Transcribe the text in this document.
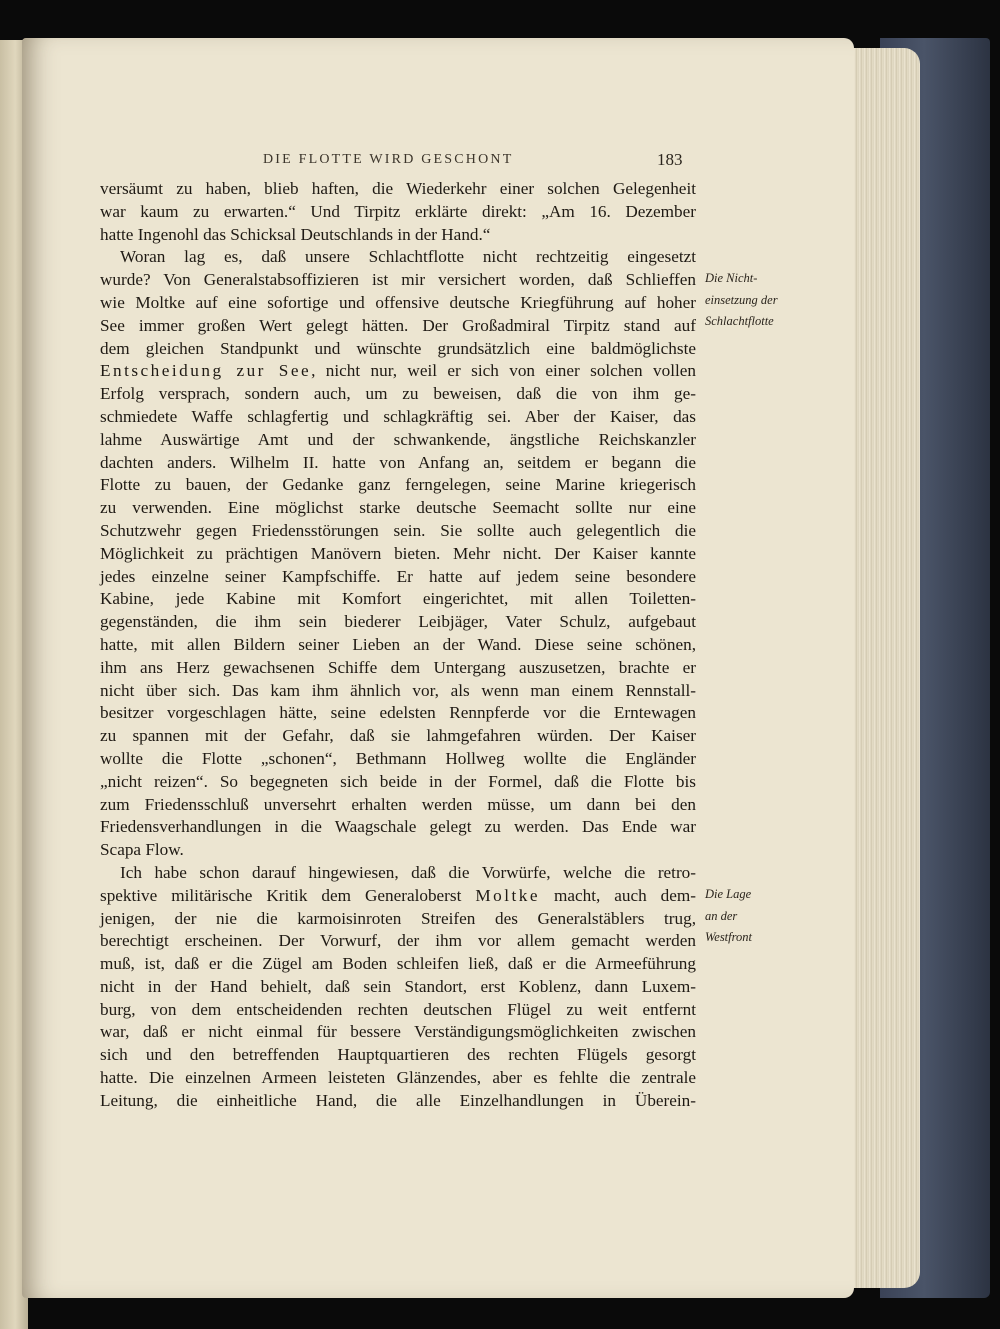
DIE FLOTTE WIRD GESCHONT	183
versäumt zu haben, blieb haften, die Wiederkehr einer solchen Gelegenheit
war kaum zu erwarten.“ Und Tirpitz erklärte direkt: „Am 16. Dezember
hatte Ingenohl das Schicksal Deutschlands in der Hand.“
Woran lag es, daß unsere Schlachtflotte nicht rechtzeitig eingesetzt
wurde? Von Generalstabsoffizieren ist mir versichert worden, daß Schlieffen
wie Moltke auf eine sofortige und offensive deutsche Kriegführung auf hoher
See immer großen Wert gelegt hätten. Der Großadmiral Tirpitz stand auf
dem gleichen Standpunkt und wünschte grundsätzlich eine baldmöglichste
Entscheidung zur See, nicht nur, weil er sich von einer solchen vollen
Erfolg versprach, sondern auch, um zu beweisen, daß die von ihm ge-
schmiedete Waffe schlagfertig und schlagkräftig sei. Aber der Kaiser, das
lahme Auswärtige Amt und der schwankende, ängstliche Reichskanzler
dachten anders. Wilhelm II. hatte von Anfang an, seitdem er begann die
Flotte zu bauen, der Gedanke ganz ferngelegen, seine Marine kriegerisch
zu verwenden. Eine möglichst starke deutsche Seemacht sollte nur eine
Schutzwehr gegen Friedensstörungen sein. Sie sollte auch gelegentlich die
Möglichkeit zu prächtigen Manövern bieten. Mehr nicht. Der Kaiser kannte
jedes einzelne seiner Kampfschiffe. Er hatte auf jedem seine besondere
Kabine, jede Kabine mit Komfort eingerichtet, mit allen Toiletten-
gegenständen, die ihm sein biederer Leibjäger, Vater Schulz, aufgebaut
hatte, mit allen Bildern seiner Lieben an der Wand. Diese seine schönen,
ihm ans Herz gewachsenen Schiffe dem Untergang auszusetzen, brachte er
nicht über sich. Das kam ihm ähnlich vor, als wenn man einem Rennstall-
besitzer vorgeschlagen hätte, seine edelsten Rennpferde vor die Erntewagen
zu spannen mit der Gefahr, daß sie lahmgefahren würden. Der Kaiser
wollte die Flotte „schonen“, Bethmann Hollweg wollte die Engländer
„nicht reizen“. So begegneten sich beide in der Formel, daß die Flotte bis
zum Friedensschluß unversehrt erhalten werden müsse, um dann bei den
Friedensverhandlungen in die Waagschale gelegt zu werden. Das Ende war
Scapa Flow.
Ich habe schon darauf hingewiesen, daß die Vorwürfe, welche die retro-
spektive militärische Kritik dem Generaloberst Moltke macht, auch dem-
jenigen, der nie die karmoisinroten Streifen des Generalstäblers trug,
berechtigt erscheinen. Der Vorwurf, der ihm vor allem gemacht werden
muß, ist, daß er die Zügel am Boden schleifen ließ, daß er die Armeeführung
nicht in der Hand behielt, daß sein Standort, erst Koblenz, dann Luxem-
burg, von dem entscheidenden rechten deutschen Flügel zu weit entfernt
war, daß er nicht einmal für bessere Verständigungsmöglichkeiten zwischen
sich und den betreffenden Hauptquartieren des rechten Flügels gesorgt
hatte. Die einzelnen Armeen leisteten Glänzendes, aber es fehlte die zentrale
Leitung, die einheitliche Hand, die alle Einzelhandlungen in Überein-
Die Nicht-
einsetzung der
Schlachtflotte
Die Lage
an der
Westfront
